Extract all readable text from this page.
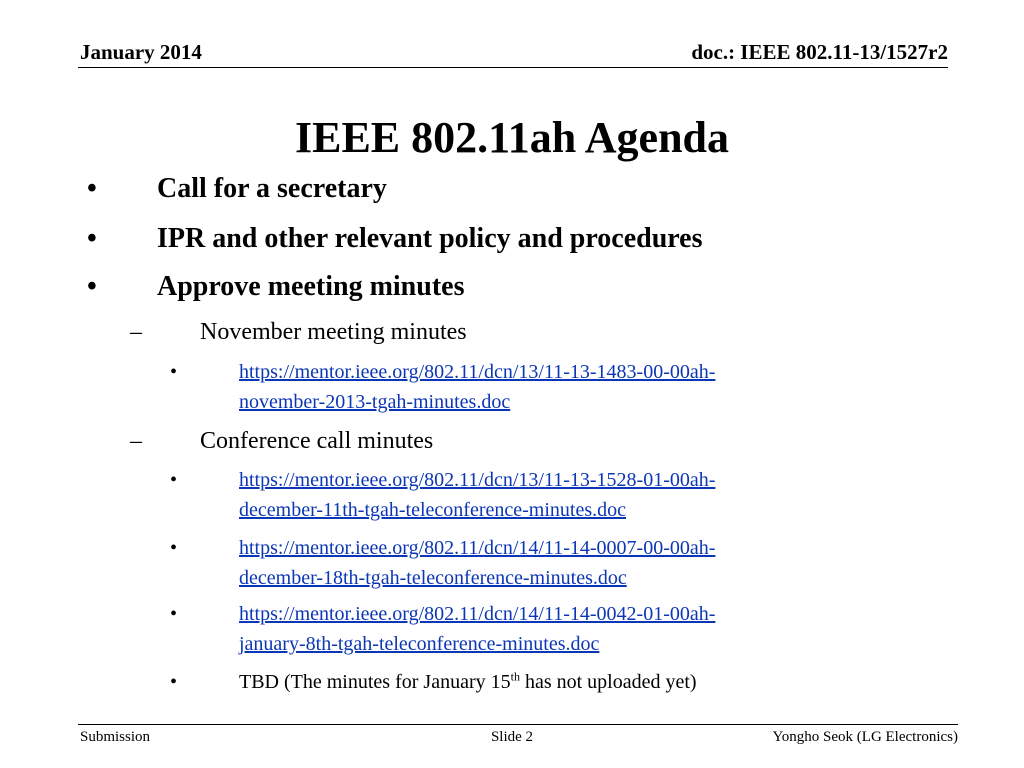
January 2014	doc.: IEEE 802.11-13/1527r2
IEEE 802.11ah Agenda
• Call for a secretary
• IPR and other relevant policy and procedures
• Approve meeting minutes
– November meeting minutes
•	https://mentor.ieee.org/802.11/dcn/13/11-13-1483-00-00ah-
november-2013-tgah-minutes.doc
– Conference call minutes
•	https://mentor.ieee.org/802.11/dcn/13/11-13-1528-01-00ah-
december-11th-tgah-teleconference-minutes.doc
•	https://mentor.ieee.org/802.11/dcn/14/11-14-0007-00-00ah-
december-18th-tgah-teleconference-minutes.doc
•	https://mentor.ieee.org/802.11/dcn/14/11-14-0042-01-00ah-
january-8th-tgah-teleconference-minutes.doc
•	TBD (The minutes for January 15th has not uploaded yet)
Submission	Slide 2	Yongho Seok (LG Electronics)
